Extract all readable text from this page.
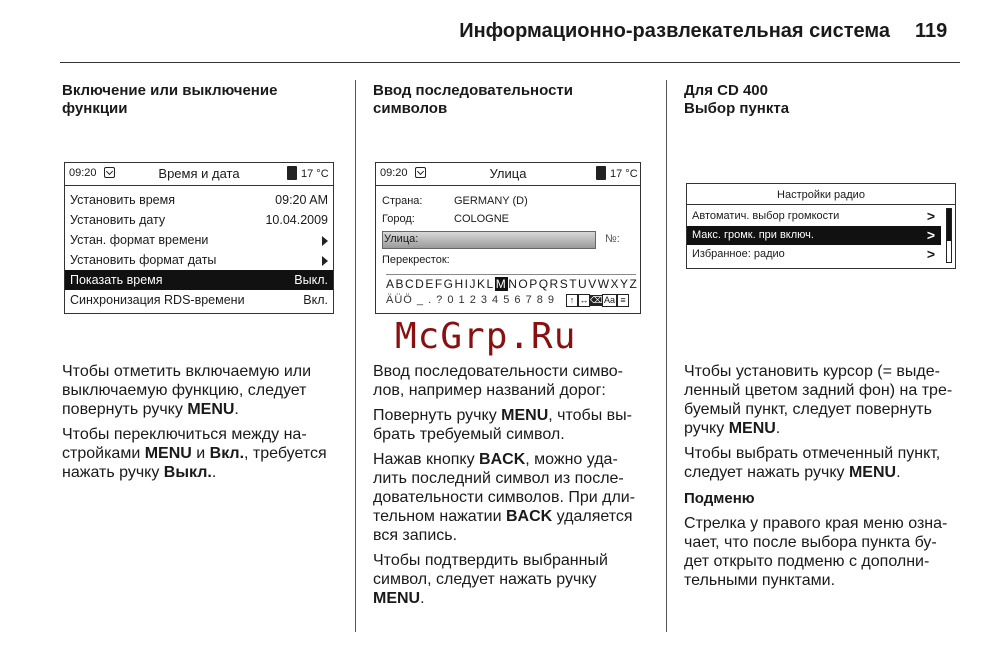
Информационно-развлекательная система 119
Включение или выключение
функции
09:20	Время и дата	17 °C
Установить время	09:20 AM
Установить дату	10.04.2009
Устан. формат времени
Установить формат даты
Показать время	Выкл.
Синхронизация RDS-времени	Вкл.

Чтобы отметить включаемую или
выключаемую функцию, следует
повернуть ручку MENU.

Чтобы переключиться между на-
стройками MENU и Вкл., требуется
нажать ручку Выкл..

Ввод последовательности
символов
09:20	Улица	17 °C
Страна:	GERMANY (D)
Город:	COLOGNE
Улица:	№:
Перекресток:
ABCDEFGHIJKLMNOPQRSTUVWXYZ
ÄÜÖ _ . ? 0 1 2 3 4 5 6 7 8 9	↑ ↔ ⌫Aa ≡
McGrp.Ru

Ввод последовательности симво-
лов, например названий дорог:

Повернуть ручку MENU, чтобы вы-
брать требуемый символ.

Нажав кнопку BACK, можно уда-
лить последний символ из после-
довательности символов. При дли-
тельном нажатии BACK удаляется
вся запись.

Чтобы подтвердить выбранный
символ, следует нажать ручку
MENU.

Для CD 400
Выбор пункта
Настройки радио
Автоматич. выбор громкости	>
Макс. громк. при включ.	>
Избранное: радио	>

Чтобы установить курсор (= выде-
ленный цветом задний фон) на тре-
буемый пункт, следует повернуть
ручку MENU.

Чтобы выбрать отмеченный пункт,
следует нажать ручку MENU.

Подменю

Стрелка у правого края меню озна-
чает, что после выбора пункта бу-
дет открыто подменю с дополни-
тельными пунктами.
